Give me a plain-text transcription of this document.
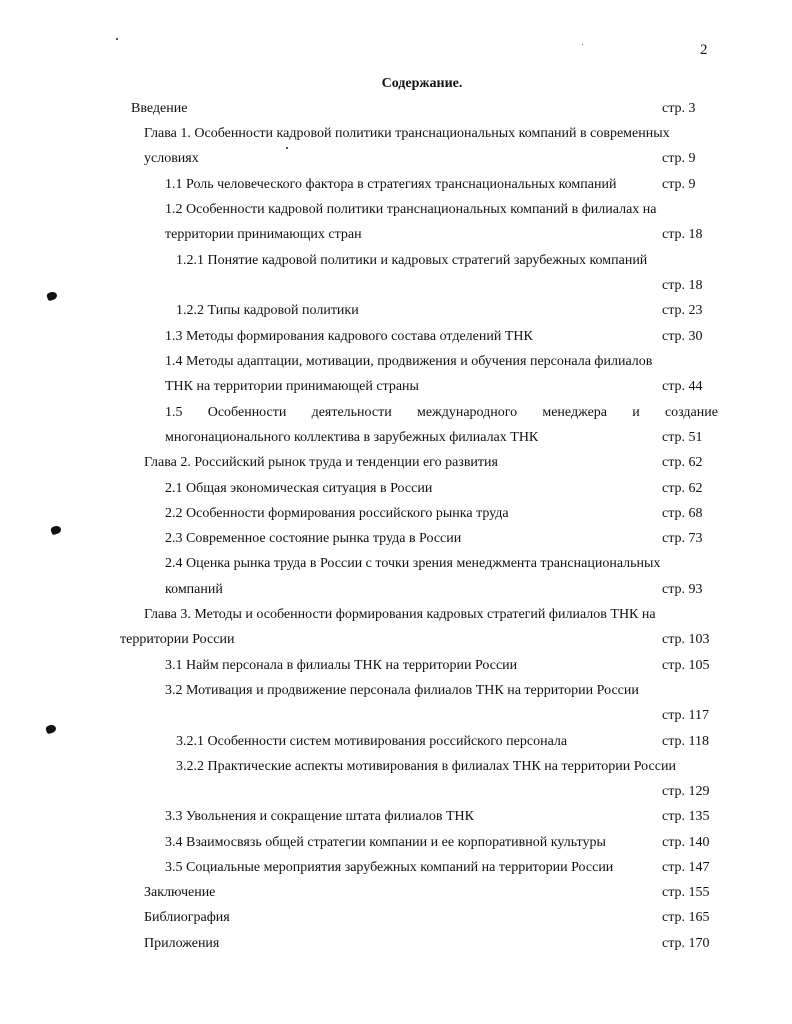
2
Содержание.
Введение	стр. 3
Глава 1. Особенности кадровой политики транснациональных компаний в современных
условиях	стр. 9
1.1 Роль человеческого фактора в стратегиях транснациональных компаний	стр. 9
1.2 Особенности кадровой политики транснациональных компаний в филиалах на
территории принимающих стран	стр. 18
1.2.1 Понятие кадровой политики и кадровых стратегий зарубежных компаний
стр. 18
1.2.2 Типы кадровой политики	стр. 23
1.3 Методы формирования кадрового состава отделений ТНК	стр. 30
1.4 Методы адаптации, мотивации, продвижения и обучения персонала филиалов
ТНК на территории принимающей страны	стр. 44
1.5 Особенности деятельности международного менеджера и создание
многонационального коллектива в зарубежных филиалах ТНК	стр. 51
Глава 2. Российский рынок труда и тенденции его развития	стр. 62
2.1 Общая экономическая ситуация в России	стр. 62
2.2 Особенности формирования российского рынка труда	стр. 68
2.3 Современное состояние рынка труда в России	стр. 73
2.4 Оценка рынка труда в России с точки зрения менеджмента транснациональных
компаний	стр. 93
Глава 3. Методы и особенности формирования кадровых стратегий филиалов ТНК на
территории России	стр. 103
3.1 Найм персонала в филиалы ТНК на территории России	стр. 105
3.2 Мотивация и продвижение персонала филиалов ТНК на территории России
стр. 117
3.2.1 Особенности систем мотивирования российского персонала	стр. 118
3.2.2 Практические аспекты мотивирования в филиалах ТНК на территории России
стр. 129
3.3 Увольнения и сокращение штата филиалов ТНК	стр. 135
3.4 Взаимосвязь общей стратегии компании и ее корпоративной культуры	стр. 140
3.5 Социальные мероприятия зарубежных компаний на территории России	стр. 147
Заключение	стр. 155
Библиография	стр. 165
Приложения	стр. 170
